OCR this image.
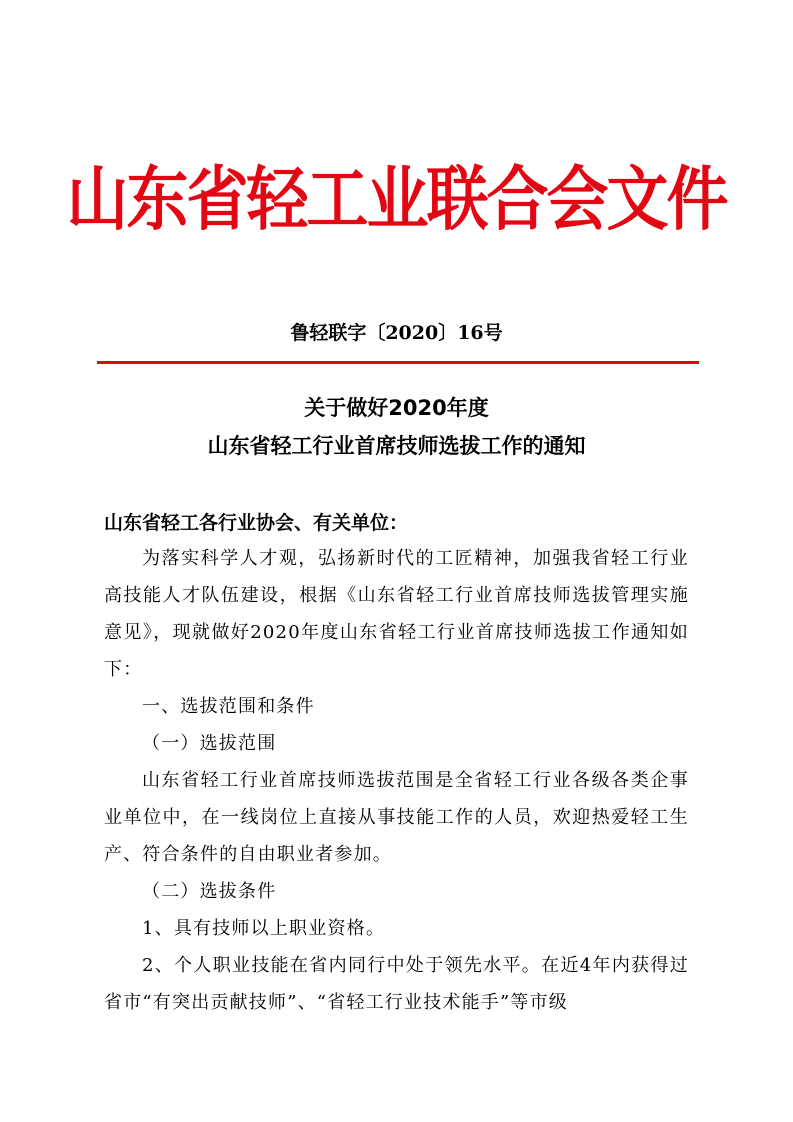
山东省轻工业联合会文件
鲁轻联字〔2020〕16号
关于做好2020年度
山东省轻工行业首席技师选拔工作的通知
山东省轻工各行业协会、有关单位：

为落实科学人才观，弘扬新时代的工匠精神，加强我省轻工行业高技能人才队伍建设，根据《山东省轻工行业首席技师选拔管理实施意见》，现就做好2020年度山东省轻工行业首席技师选拔工作通知如下：

一、选拔范围和条件

（一）选拔范围

山东省轻工行业首席技师选拔范围是全省轻工行业各级各类企事业单位中，在一线岗位上直接从事技能工作的人员，欢迎热爱轻工生产、符合条件的自由职业者参加。

（二）选拔条件

1、具有技师以上职业资格。

2、个人职业技能在省内同行中处于领先水平。在近4年内获得过省市“有突出贡献技师”、“省轻工行业技术能手”等市级
